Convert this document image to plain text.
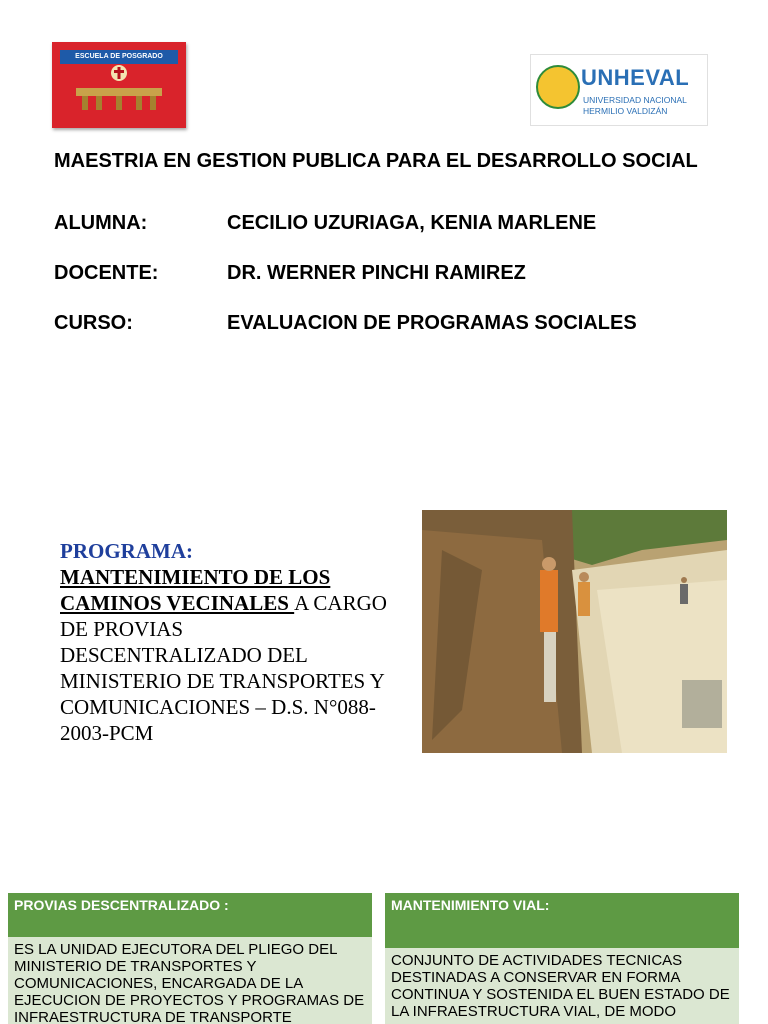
ESCUELA DE POSGRADO
UNHEVAL
UNIVERSIDAD NACIONAL
HERMILIO VALDIZÁN
MAESTRIA EN GESTION PUBLICA PARA EL DESARROLLO SOCIAL
ALUMNA:	CECILIO UZURIAGA, KENIA MARLENE
DOCENTE:	DR. WERNER PINCHI RAMIREZ
CURSO:	EVALUACION DE PROGRAMAS SOCIALES
PROGRAMA:
MANTENIMIENTO DE LOS CAMINOS VECINALES A CARGO DE PROVIAS DESCENTRALIZADO DEL MINISTERIO DE TRANSPORTES Y COMUNICACIONES – D.S. N°088-2003-PCM
PROVIAS DESCENTRALIZADO :
ES LA UNIDAD EJECUTORA DEL PLIEGO DEL MINISTERIO DE TRANSPORTES Y COMUNICACIONES, ENCARGADA DE LA EJECUCION DE PROYECTOS Y PROGRAMAS DE INFRAESTRUCTURA DE TRANSPORTE
MANTENIMIENTO VIAL:
CONJUNTO DE ACTIVIDADES TECNICAS DESTINADAS A CONSERVAR EN FORMA CONTINUA Y SOSTENIDA EL BUEN ESTADO DE LA INFRAESTRUCTURA VIAL, DE MODO
